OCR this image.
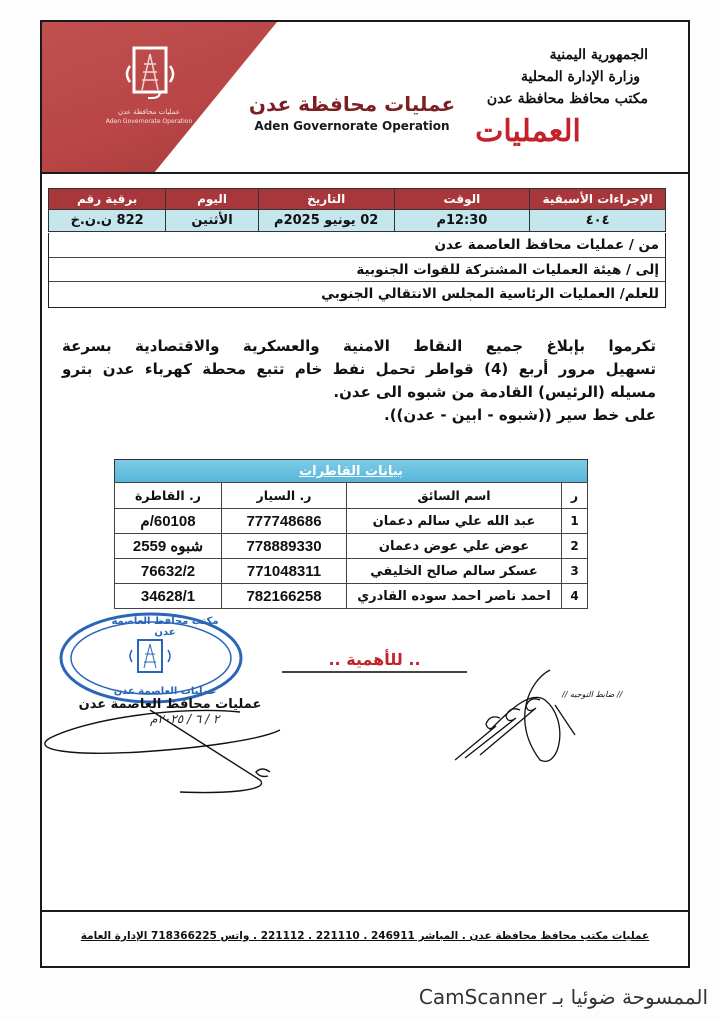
عمليات محافظة عدن
Aden Governorate Operation
عمليات محافظة عدن
Aden Governorate Operation
الجمهورية اليمنية
وزارة الإدارة المحلية
مكتب محافظ محافظة عدن
العمليات
الإجراءات الأسبقية	الوقت	التاريخ	اليوم	برقية رقم
٤٠٤	12:30م	02 يونيو 2025م	الأثنين	822 ن.ن.خ
من / عمليات محافظ العاصمة عدن
إلى / هيئة العمليات المشتركة للقوات الجنوبية
للعلم/ العمليات الرئاسية المجلس الانتقالي الجنوبي

تكرموا بإبلاغ جميع النقاط الامنية والعسكرية والاقتصادية بسرعة

تسهيل مرور أربع (4) قواطر تحمل نفط خام تتبع محطة كهرباء عدن بترو

مسيله (الرئيس) القادمة من شبوه الى عدن.

على خط سير ((شبوه - ابين - عدن)).

بيانات القاطرات
ر	اسم السائق	ر. السيار	ر. القاطرة
1	عبد الله علي سالم دعمان	777748686	60108/م
2	عوض علي عوض دعمان	778889330	شبوه 2559
3	عسكر سالم صالح الخليفي	771048311	76632/2
4	احمد ناصر احمد سوده القادري	782166258	34628/1
.. للأهمية ..
// ضابط التوجيه //
عمليات مكتب محافظ محافظة عدن . المباشر 246911 . 221110 . 221112 . واتس 718366225 الإدارة العامة
مكتب محافظ العاصمة عدن
عمليات العاصمة عدن
عمليات محافظ العاصمة عدن
٢ / ٦ / ٢٠٢٥م
الممسوحة ضوئيا بـ CamScanner
